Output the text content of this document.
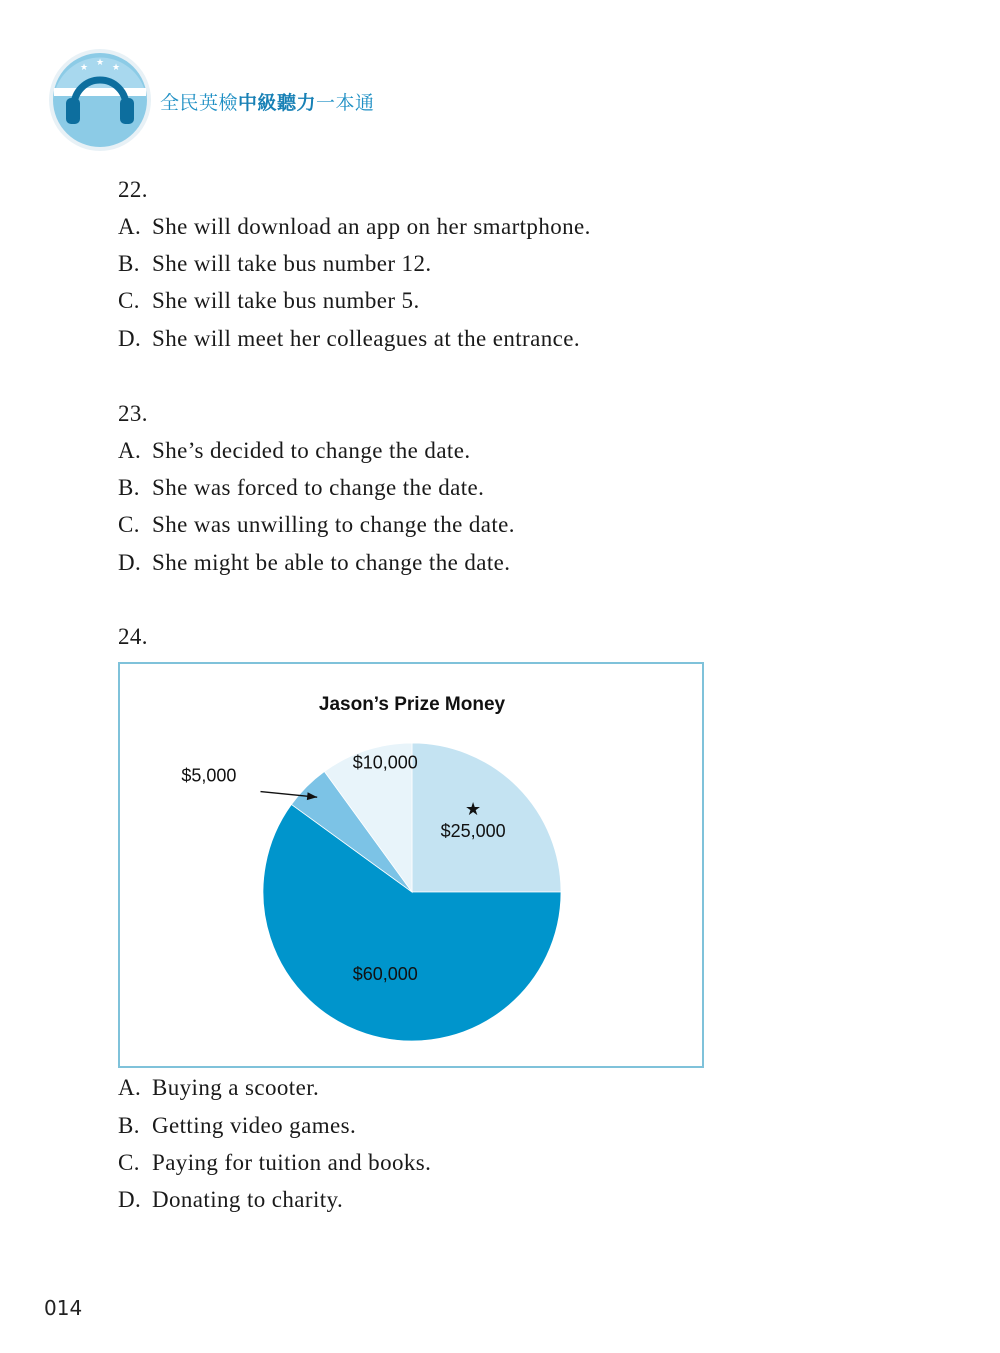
★ ★ ★
全民英檢中級聽力一本通
22.
A. She will download an app on her smartphone.
B. She will take bus number 12.
C. She will take bus number 5.
D. She will meet her colleagues at the entrance.
23.
A. She’s decided to change the date.
B. She was forced to change the date.
C. She was unwilling to change the date.
D. She might be able to change the date.
24.
Jason’s Prize Money
$25,000
★
$60,000
$5,000
$10,000
A. Buying a scooter.
B. Getting video games.
C. Paying for tuition and books.
D. Donating to charity.
014
